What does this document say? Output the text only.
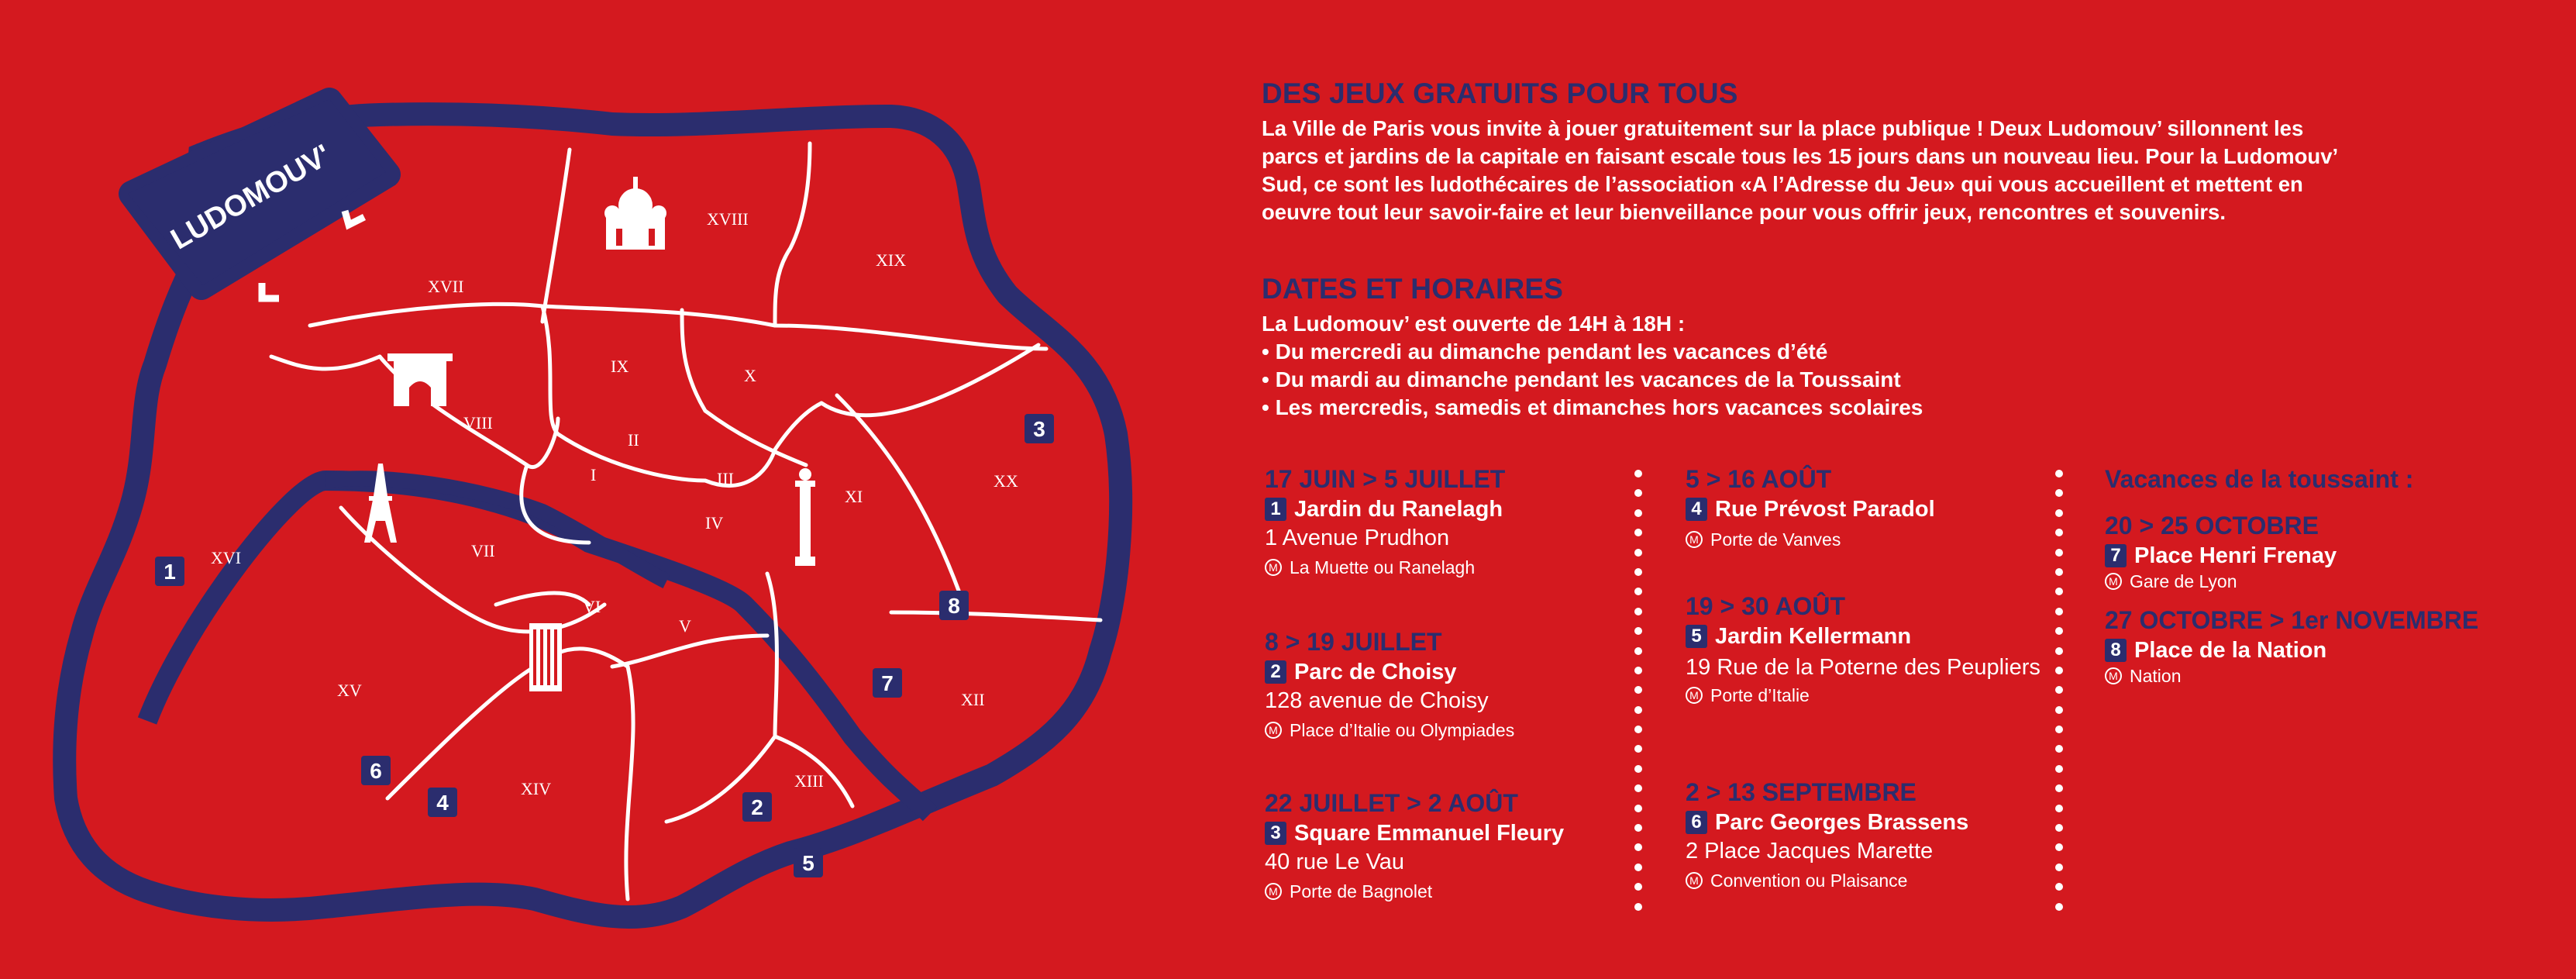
LUDOMOUV'
I
II
III
IV
V
VI
VII
VIII
IX	X
XI
XII
XIII
XIV
XV
XVI
XVII
XVIII
XIX
XX
1
2
3
4
5
6
7
8
DES JEUX GRATUITS POUR TOUS
La Ville de Paris vous invite à jouer gratuitement sur la place publique ! Deux Ludomouv’ sillonnent les
parcs et jardins de la capitale en faisant escale tous les 15 jours dans un nouveau lieu. Pour la Ludomouv’
Sud, ce sont les ludothécaires de l’association «A l’Adresse du Jeu» qui vous accueillent et mettent en
oeuvre tout leur savoir-faire et leur bienveillance pour vous offrir jeux, rencontres et souvenirs.
DATES ET HORAIRES
La Ludomouv’ est ouverte de 14H à 18H :
• Du mercredi au dimanche pendant les vacances d’été
• Du mardi au dimanche pendant les vacances de la Toussaint
• Les mercredis, samedis et dimanches hors vacances scolaires
17 JUIN > 5 JUILLET
1 Jardin du Ranelagh
1 Avenue Prudhon
M La Muette ou Ranelagh
8 > 19 JUILLET
2 Parc de Choisy
128 avenue de Choisy
M Place d’Italie ou Olympiades
22 JUILLET > 2 AOÛT
3 Square Emmanuel Fleury
40 rue Le Vau
M Porte de Bagnolet
5 > 16 AOÛT
4 Rue Prévost Paradol
M Porte de Vanves
19 > 30 AOÛT
5 Jardin Kellermann
19 Rue de la Poterne des Peupliers
M Porte d’Italie
2 > 13 SEPTEMBRE
6 Parc Georges Brassens
2 Place Jacques Marette
M Convention ou Plaisance
Vacances de la toussaint :
20 > 25 OCTOBRE
7 Place Henri Frenay
M Gare de Lyon
27 OCTOBRE > 1er NOVEMBRE
8 Place de la Nation
M Nation
